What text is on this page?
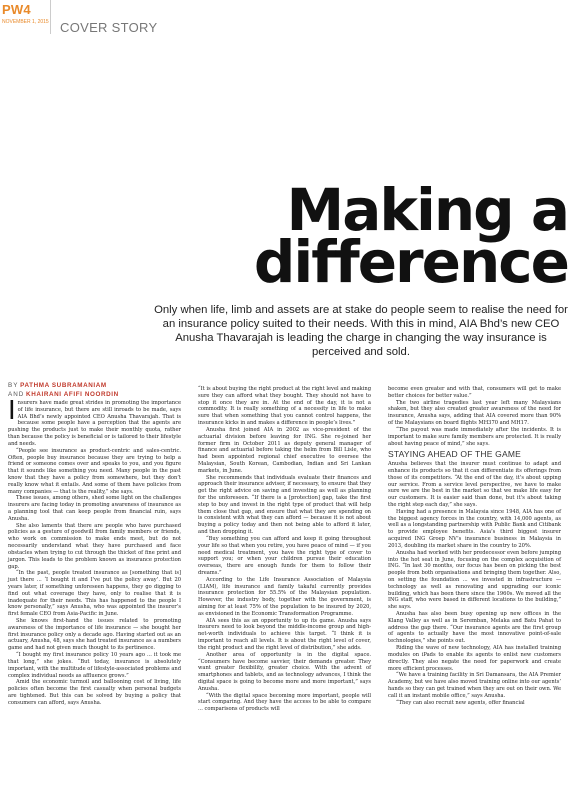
PW4
NOVEMBER 1, 2015 COVER STORY
Making a
difference
Only when life, limb and assets are at stake do people seem to realise the need for an insurance policy suited to their needs. With this in mind, AIA Bhd’s new CEO Anusha Thavarajah is leading the charge in changing the way insurance is perceived and sold.
BY PATHMA SUBRAMANIAM
AND KHAIRANI AFIFI NOORDIN

Insurers have made great strides in promoting the importance of life insurance, but there are still inroads to be made, says AIA Bhd’s newly appointed CEO Anusha Thavarajah. That is because some people have a perception that the agents are pushing the products just to make their monthly quota, rather than because the policy is beneficial or is tailored to their lifestyle and needs.

“People see insurance as product-centric and sales-centric. Often, people buy insurance because they are trying to help a friend or someone comes over and speaks to you, and you figure that it sounds like something you need. Many people in the past know that they have a policy from somewhere, but they don’t really know what it entails. And some of them have policies from many companies — that is the reality,” she says.

These issues, among others, shed some light on the challenges insurers are facing today in promoting awareness of insurance as a planning tool that can keep people from financial ruin, says Anusha.

She also laments that there are people who have purchased policies as a gesture of goodwill from family members or friends, who work on commission to make ends meet, but do not necessarily understand what they have purchased and face obstacles when trying to cut through the thicket of fine print and jargon. This leads to the problem known as insurance protection gap.

“In the past, people treated insurance as [something that is] just there ... ‘I bought it and I’ve put the policy away’. But 20 years later, if something unforeseen happens, they go digging to find out what coverage they have, only to realise that it is inadequate for their needs. This has happened to the people I know personally,” says Anusha, who was appointed the insurer’s first female CEO from Asia-Pacific in June.

She knows first-hand the issues related to promoting awareness of the importance of life insurance — she bought her first insurance policy only a decade ago. Having started out as an actuary, Anusha, 48, says she had treated insurance as a numbers game and had not given much thought to its pertinence.

“I bought my first insurance policy 10 years ago ... it took me that long,” she jokes. “But today, insurance is absolutely important, with the multitude of lifestyle-associated problems and complex individual needs as affluence grows.”

Amid the economic turmoil and ballooning cost of living, life policies often become the first casualty when personal budgets are tightened. But this can be solved by buying a policy that consumers can afford, says Anusha.

“It is about buying the right product at the right level and making sure they can afford what they bought. They should not have to stop it once they are in. At the end of the day, it is not a commodity. It is really something of a necessity in life to make sure that when something that you cannot control happens, the insurance kicks in and makes a difference in people’s lives.”

Anusha first joined AIA in 2002 as vice-president of the actuarial division before leaving for ING. She re-joined her former firm in October 2011 as deputy general manager of finance and actuarial before taking the helm from Bill Lisle, who had been appointed regional chief executive to oversee the Malaysian, South Korean, Cambodian, Indian and Sri Lankan markets, in June.

She recommends that individuals evaluate their finances and approach their insurance adviser, if necessary, to ensure that they get the right advice on saving and investing as well as planning for the unforeseen. “If there is a [protection] gap, take the first step to buy and invest in the right type of product that will help them close that gap, and ensure that what they are spending on is consistent with what they can afford — because it is not about buying a policy today and then not being able to afford it later, and then dropping it.

“Buy something you can afford and keep it going throughout your life so that when you retire, you have peace of mind — if you need medical treatment, you have the right type of cover to support you; or when your children pursue their education overseas, there are enough funds for them to follow their dreams.”

According to the Life Insurance Association of Malaysia (LIAM), life insurance and family takaful currently provides insurance protection for 55.5% of the Malaysian population. However, the industry body, together with the government, is aiming for at least 75% of the population to be insured by 2020, as envisioned in the Economic Transformation Programme.

AIA sees this as an opportunity to up its game. Anusha says insurers need to look beyond the middle-income group and high-net-worth individuals to achieve this target. “I think it is important to reach all levels. It is about the right level of cover, the right product and the right level of distribution,” she adds.

Another area of opportunity is in the digital space. “Consumers have become savvier, their demands greater. They want greater flexibility, greater choice. With the advent of smartphones and tablets, and as technology advances, I think the digital space is going to become more and more important,” says Anusha.

“With the digital space becoming more important, people will start comparing. And they have the access to be able to compare ... comparisons of products will

become even greater and with that, consumers will get to make better choices for better value.”

The two airline tragedies last year left many Malaysians shaken, but they also created greater awareness of the need for insurance, Anusha says, adding that AIA covered more than 90% of the Malaysians on board flights MH370 and MH17.

“The payout was made immediately after the incidents. It is important to make sure family members are protected. It is really about having peace of mind,” she says.

STAYING AHEAD OF THE GAME

Anusha believes that the insurer must continue to adapt and enhance its products so that it can differentiate its offerings from those of its competitors. “At the end of the day, it’s about upping our service. From a service level perspective, we have to make sure we are the best in the market so that we make life easy for our customers. It is easier said than done, but it’s about taking the right step each day,” she says.

Having had a presence in Malaysia since 1948, AIA has one of the biggest agency forces in the country, with 14,000 agents, as well as a longstanding partnership with Public Bank and Citibank to provide employee benefits. Asia’s third biggest insurer acquired ING Groep NV’s insurance business in Malaysia in 2013, doubling its market share in the country to 20%.

Anusha had worked with her predecessor even before jumping into the hot seat in June, focusing on the complex acquisition of ING. “In last 30 months, our focus has been on picking the best people from both organisations and bringing them together. Also, on setting the foundation ... we invested in infrastructure — technology as well as renovating and upgrading our iconic building, which has been there since the 1960s. We moved all the ING staff, who were based in different locations to the building,” she says.

Anusha has also been busy opening up new offices in the Klang Valley as well as in Seremban, Melaka and Batu Pahat to address the gap there. “Our insurance agents are the first group of agents to actually have the most innovative point-of-sale technologies,” she points out.

Riding the wave of new technology, AIA has installed training modules on iPads to enable its agents to enlist new customers directly. They also negate the need for paperwork and create more efficient processes.

“We have a training facility in Sri Damansara, the AIA Premier Academy, but we have also moved training online into our agents’ hands so they can get trained when they are out on their own. We call it an instant mobile office,” says Anusha.

“They can also recruit new agents, offer financial
